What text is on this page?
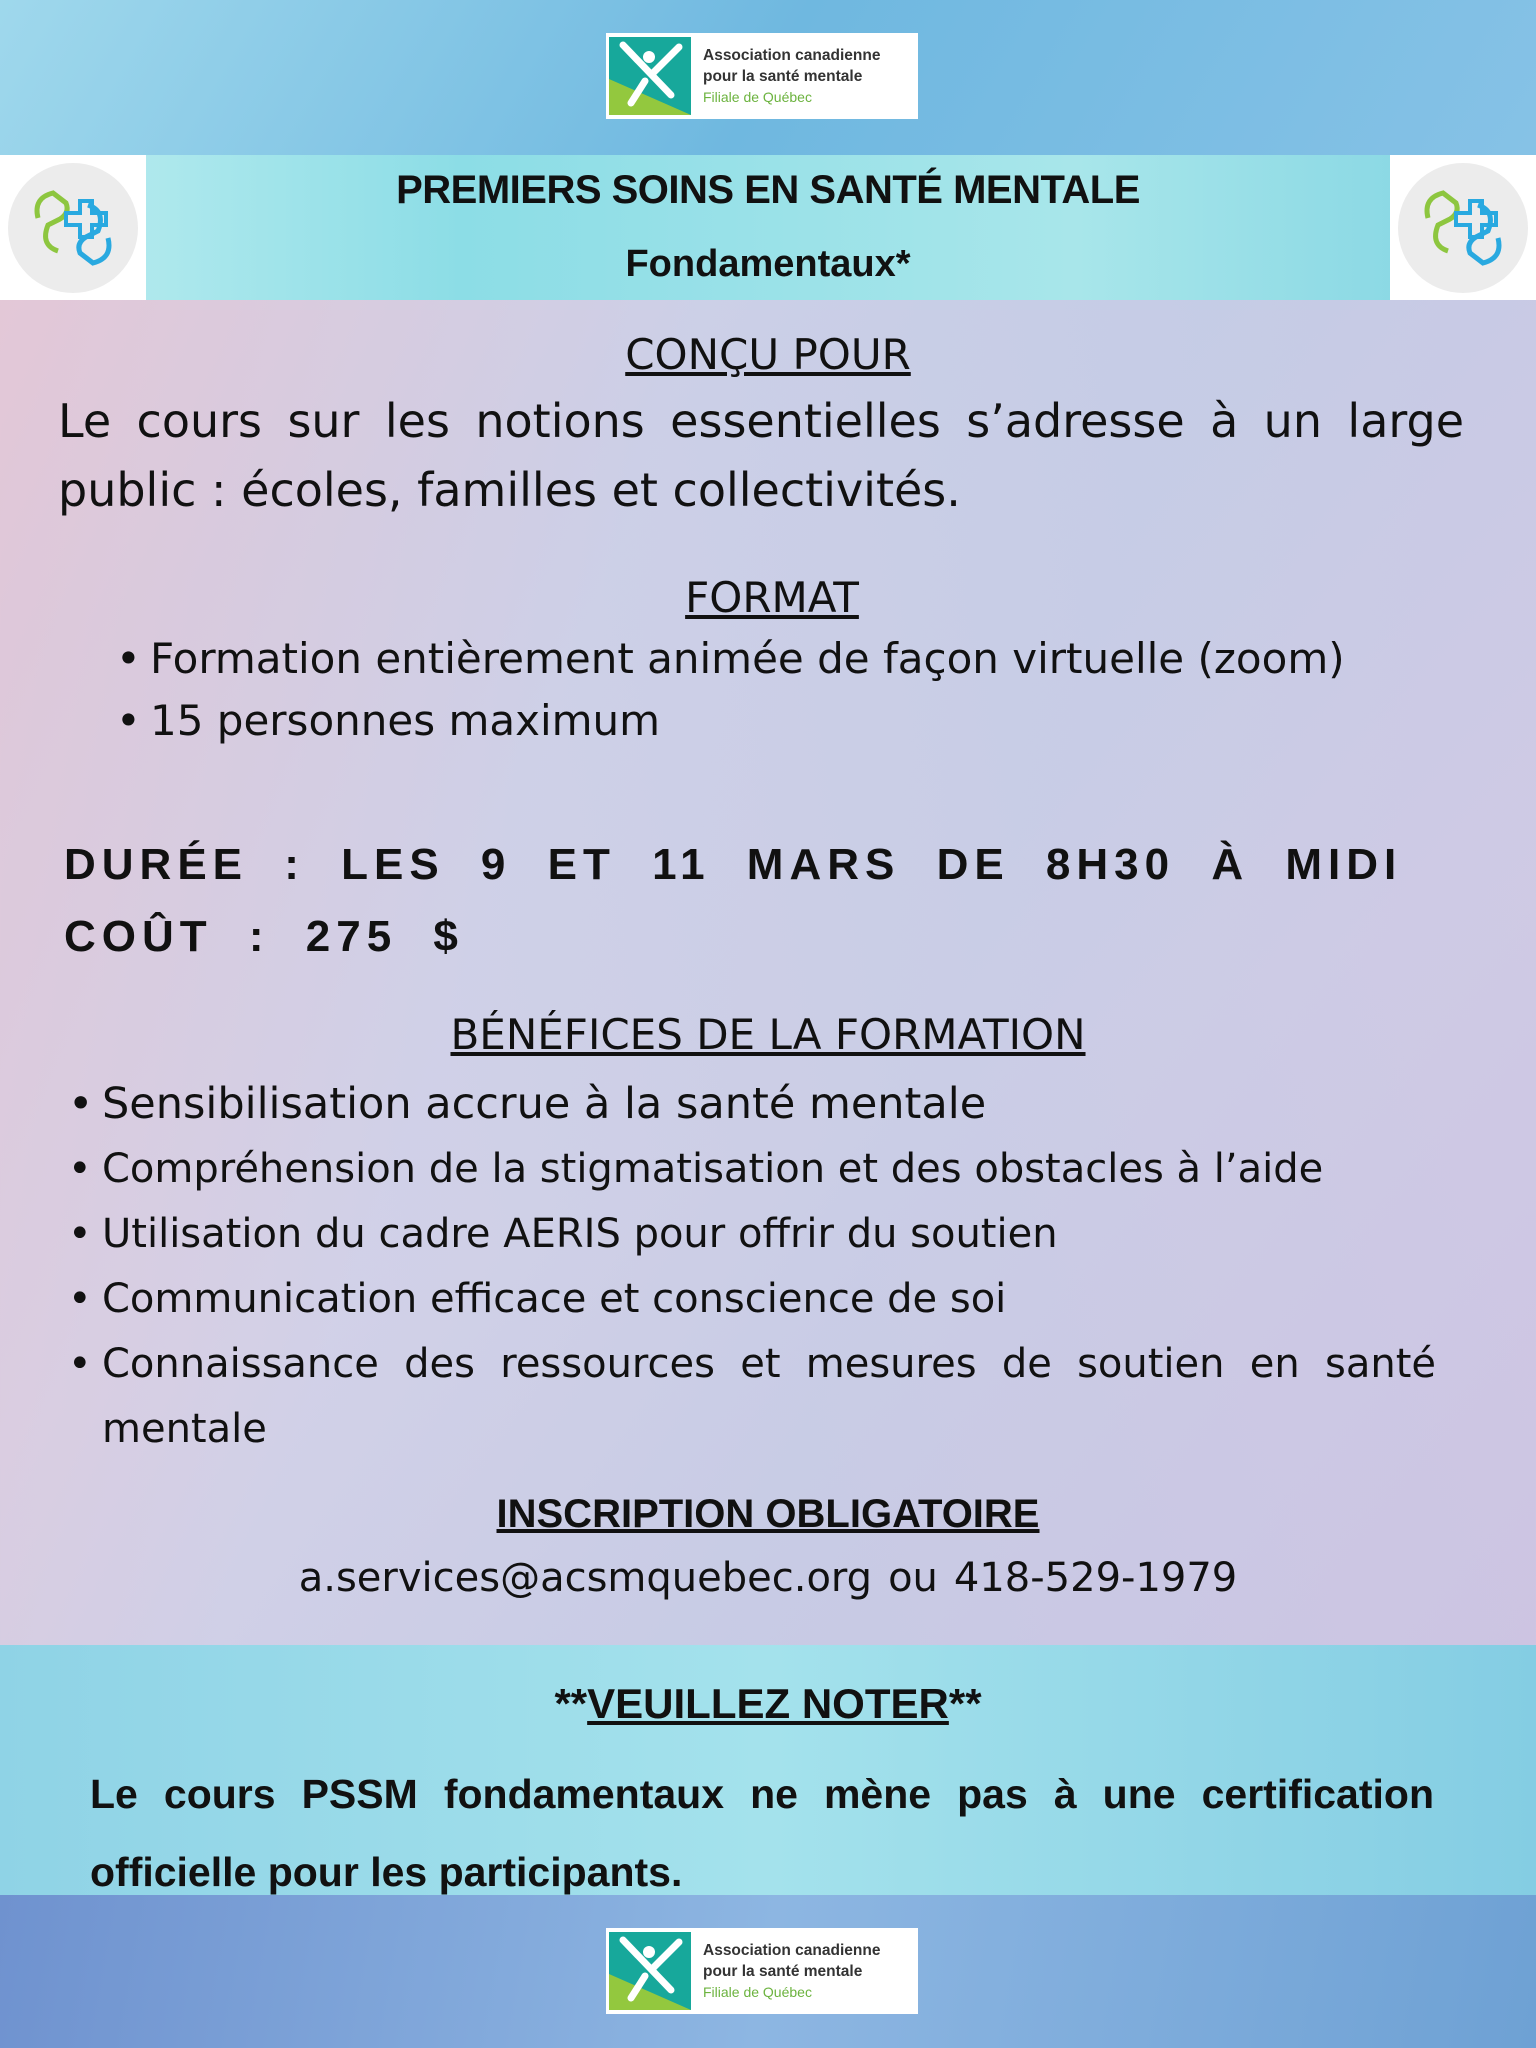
Association canadienne
pour la santé mentale
Filiale de Québec
PREMIERS SOINS EN SANTÉ MENTALE
Fondamentaux*
CONÇU POUR
Le cours sur les notions essentielles s’adresse à un large public : écoles, familles et collectivités.
FORMAT
• Formation entièrement animée de façon virtuelle (zoom)
• 15 personnes maximum
DURÉE : LES 9 ET 11 MARS DE 8H30 À MIDI
COÛT : 275 $
BÉNÉFICES DE LA FORMATION
• Sensibilisation accrue à la santé mentale
• Compréhension de la stigmatisation et des obstacles à l’aide
• Utilisation du cadre AERIS pour offrir du soutien
• Communication efficace et conscience de soi
• Connaissance des ressources et mesures de soutien en santé mentale
INSCRIPTION OBLIGATOIRE
a.services@acsmquebec.org ou 418-529-1979
**VEUILLEZ NOTER**
Le cours PSSM fondamentaux ne mène pas à une certification officielle pour les participants.
Association canadienne
pour la santé mentale
Filiale de Québec
